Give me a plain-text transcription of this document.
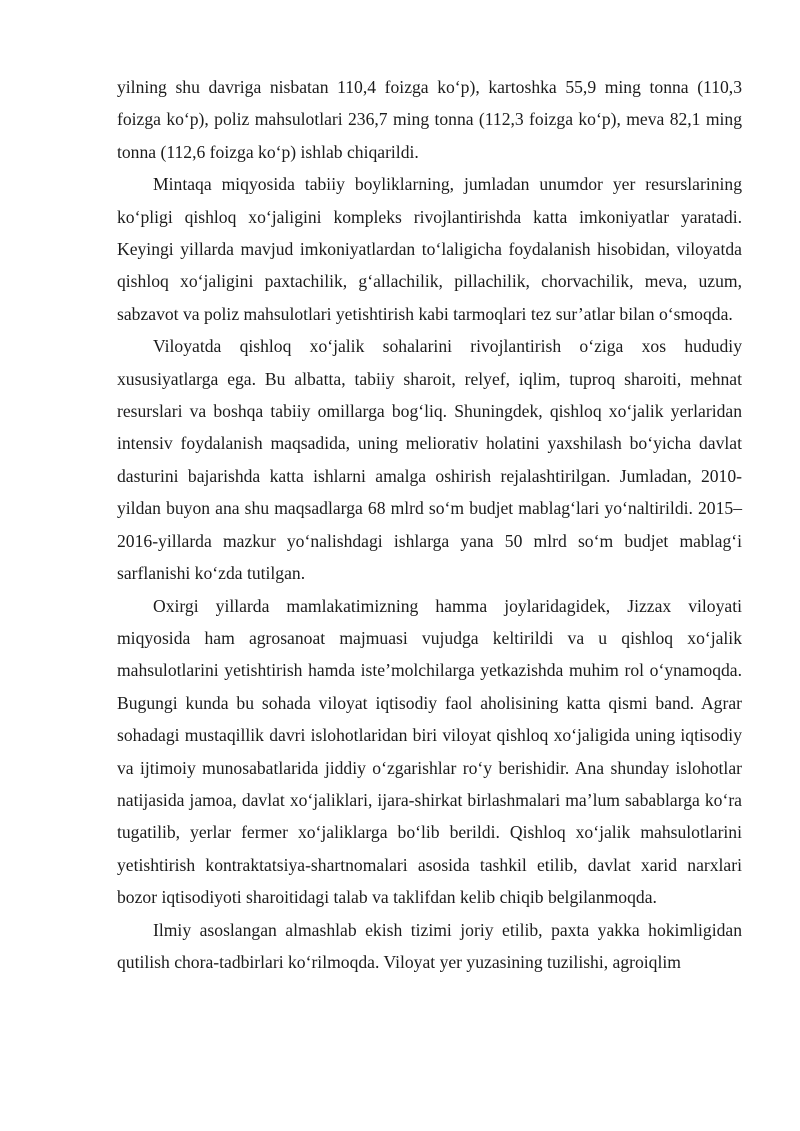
yilning shu davriga nisbatan 110,4 foizga ko‘p), kartoshka 55,9 ming tonna (110,3 foizga ko‘p), poliz mahsulotlari 236,7 ming tonna (112,3 foizga ko‘p), meva 82,1 ming tonna (112,6 foizga ko‘p) ishlab chiqarildi.

Mintaqa miqyosida tabiiy boyliklarning, jumladan unumdor yer resurslarining ko‘pligi qishloq xo‘jaligini kompleks rivojlantirishda katta imkoniyatlar yaratadi. Keyingi yillarda mavjud imkoniyatlardan to‘laligicha foydalanish hisobidan, viloyatda qishloq xo‘jaligini paxtachilik, g‘allachilik, pillachilik, chorvachilik, meva, uzum, sabzavot va poliz mahsulotlari yetishtirish kabi tarmoqlari tez sur’atlar bilan o‘smoqda.

Viloyatda qishloq xo‘jalik sohalarini rivojlantirish o‘ziga xos hududiy xususiyatlarga ega. Bu albatta, tabiiy sharoit, relyef, iqlim, tuproq sharoiti, mehnat resurslari va boshqa tabiiy omillarga bog‘liq. Shuningdek, qishloq xo‘jalik yerlaridan intensiv foydalanish maqsadida, uning meliorativ holatini yaxshilash bo‘yicha davlat dasturini bajarishda katta ishlarni amalga oshirish rejalashtirilgan. Jumladan, 2010-yildan buyon ana shu maqsadlarga 68 mlrd so‘m budjet mablag‘lari yo‘naltirildi. 2015–2016-yillarda mazkur yo‘nalishdagi ishlarga yana 50 mlrd so‘m budjet mablag‘i sarflanishi ko‘zda tutilgan.

Oxirgi yillarda mamlakatimizning hamma joylaridagidek, Jizzax viloyati miqyosida ham agrosanoat majmuasi vujudga keltirildi va u qishloq xo‘jalik mahsulotlarini yetishtirish hamda iste’molchilarga yetkazishda muhim rol o‘ynamoqda. Bugungi kunda bu sohada viloyat iqtisodiy faol aholisining katta qismi band. Agrar sohadagi mustaqillik davri islohotlaridan biri viloyat qishloq xo‘jaligida uning iqtisodiy va ijtimoiy munosabatlarida jiddiy o‘zgarishlar ro‘y berishidir. Ana shunday islohotlar natijasida jamoa, davlat xo‘jaliklari, ijara-shirkat birlashmalari ma’lum sabablarga ko‘ra tugatilib, yerlar fermer xo‘jaliklarga bo‘lib berildi. Qishloq xo‘jalik mahsulotlarini yetishtirish kontraktatsiya-shartnomalari asosida tashkil etilib, davlat xarid narxlari bozor iqtisodiyoti sharoitidagi talab va taklifdan kelib chiqib belgilanmoqda.

Ilmiy asoslangan almashlab ekish tizimi joriy etilib, paxta yakka hokimligidan qutilish chora-tadbirlari ko‘rilmoqda. Viloyat yer yuzasining tuzilishi, agroiqlim
